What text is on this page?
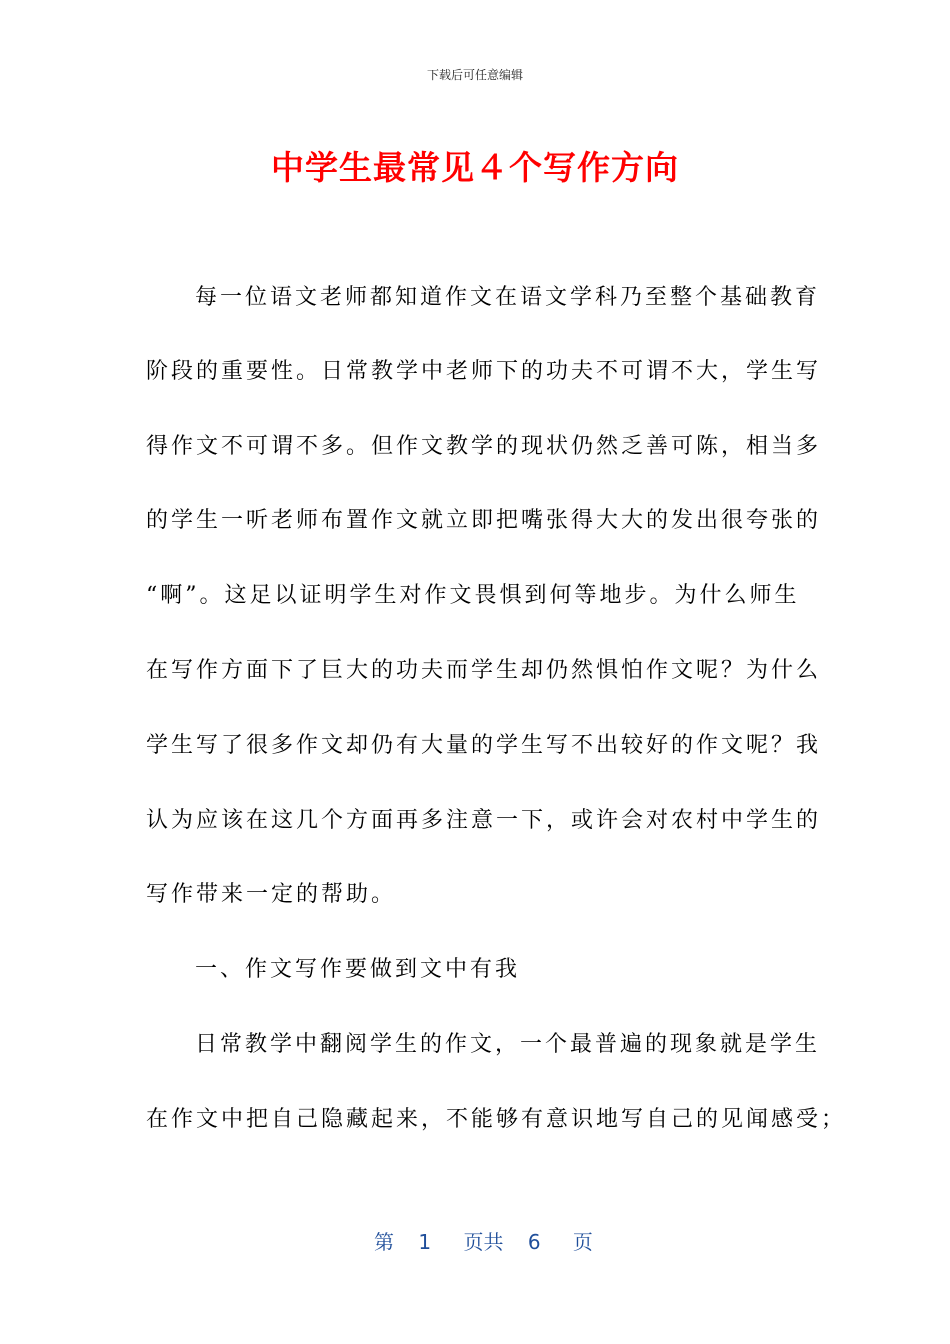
下载后可任意编辑
中学生最常见４个写作方向
每一位语文老师都知道作文在语文学科乃至整个基础教育
阶段的重要性。日常教学中老师下的功夫不可谓不大，学生写
得作文不可谓不多。但作文教学的现状仍然乏善可陈，相当多
的学生一听老师布置作文就立即把嘴张得大大的发出很夸张的
“啊”。这足以证明学生对作文畏惧到何等地步。为什么师生
在写作方面下了巨大的功夫而学生却仍然惧怕作文呢？为什么
学生写了很多作文却仍有大量的学生写不出较好的作文呢？我
认为应该在这几个方面再多注意一下，或许会对农村中学生的
写作带来一定的帮助。
一、作文写作要做到文中有我
日常教学中翻阅学生的作文，一个最普遍的现象就是学生
在作文中把自己隐藏起来，不能够有意识地写自己的见闻感受；
第 1 页共 6 页
